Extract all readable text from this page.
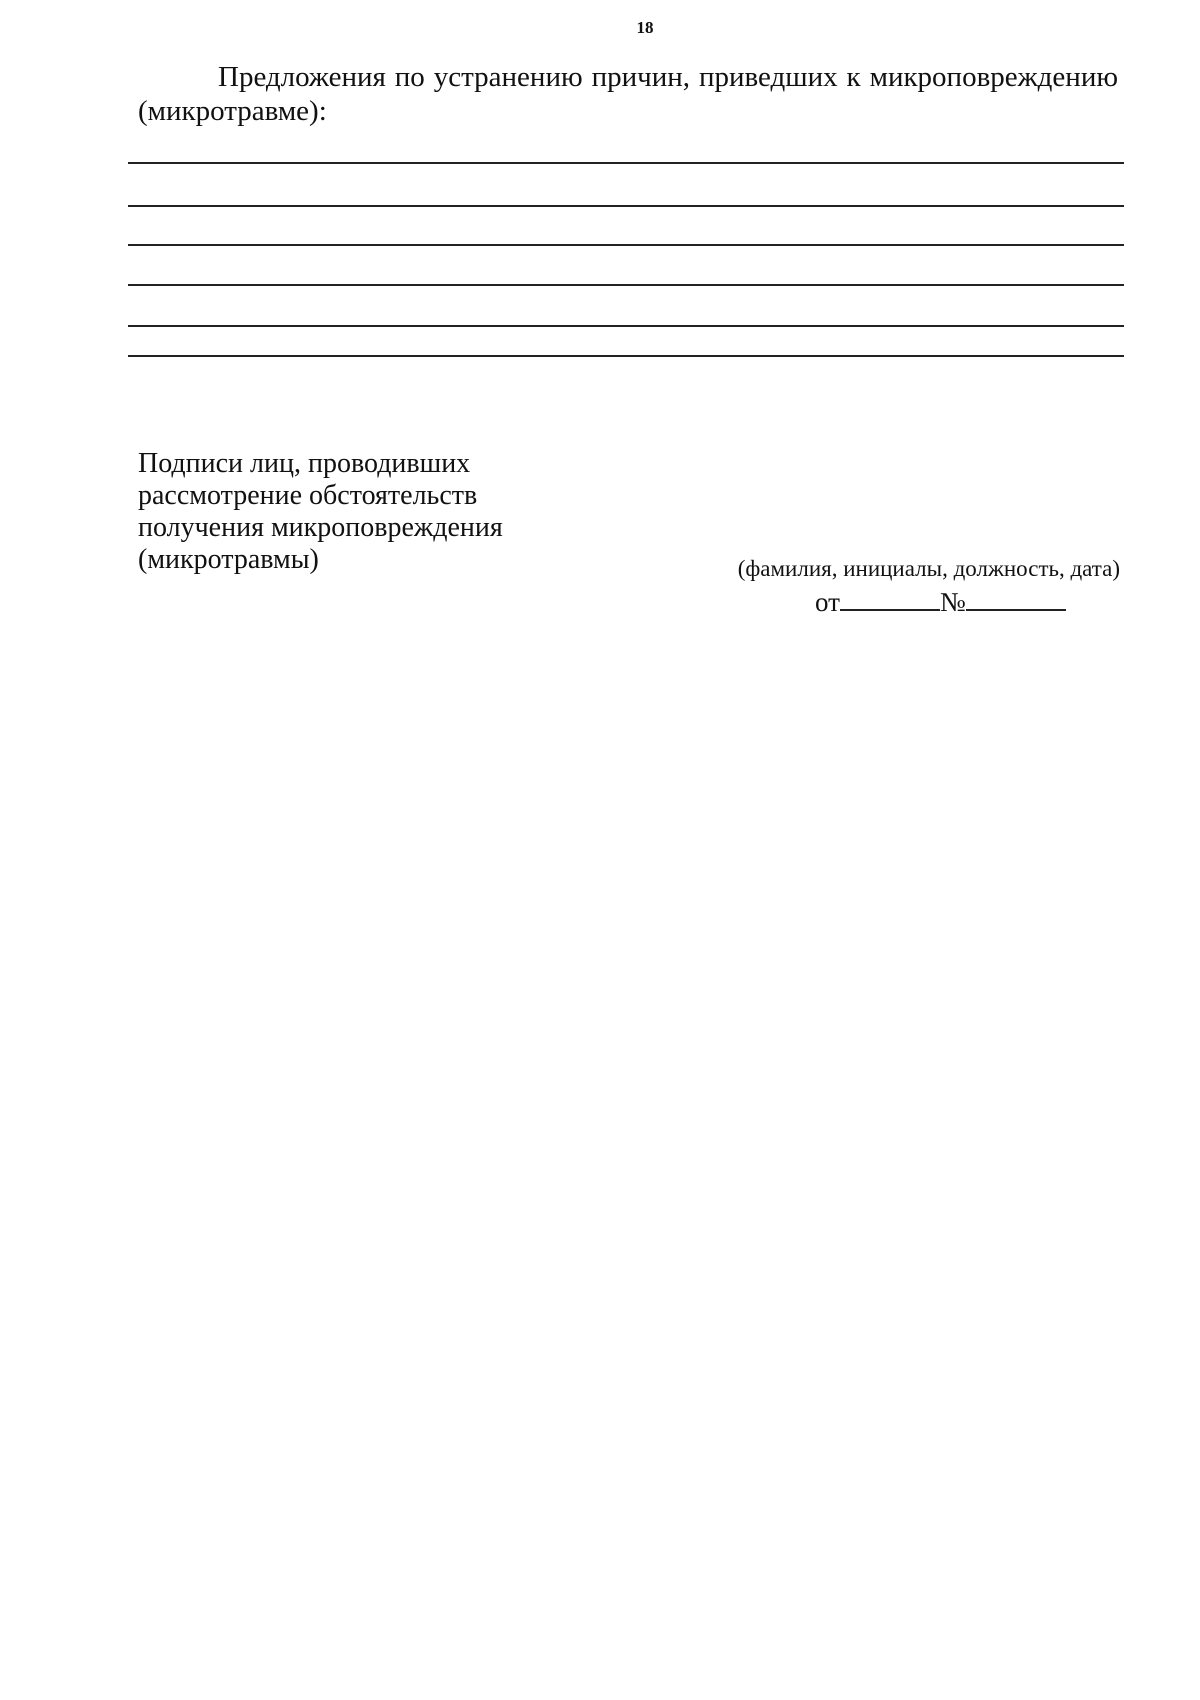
18
Предложения по устранению причин, приведших к микроповреждению
(микротравме):
Подписи лиц, проводивших
рассмотрение обстоятельств
получения микроповреждения
(микротравмы)	(фамилия, инициалы, должность, дата)
от	№
